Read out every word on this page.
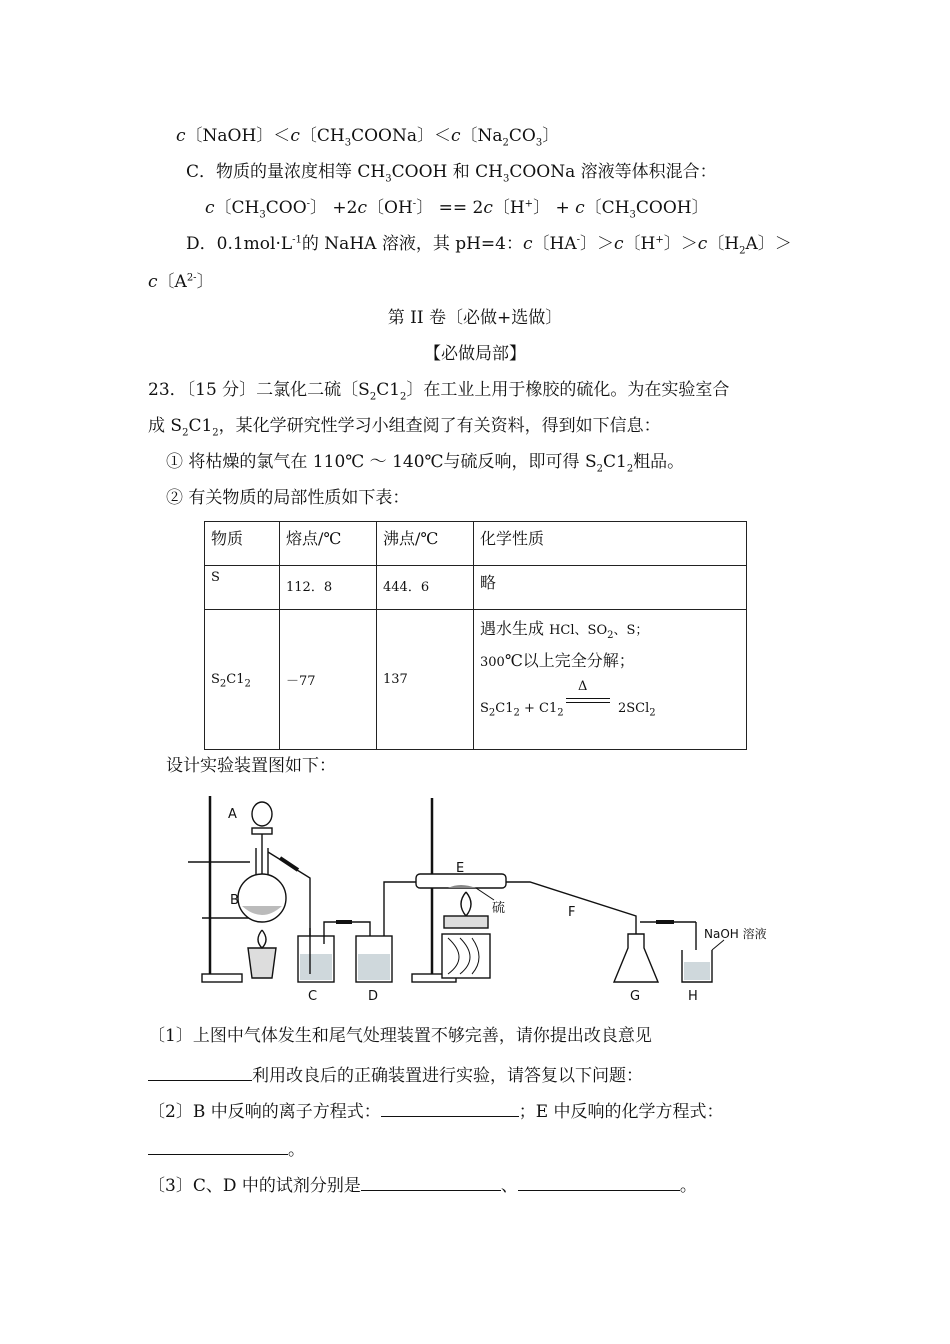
c〔NaOH〕＜c〔$CH_3COONa$〕＜c〔$Na_2CO_3$〕
C．物质的量浓度相等 $CH_3COOH$ 和 $CH_3COONa$ 溶液等体积混合：
c〔$CH_3COO^-$〕 +2c〔OH-〕 == 2c〔H+〕 + c〔$CH_3COOH$〕
D．$0.1mol\cdot L^{-1}$的 NaHA 溶液，其 pH=4：c〔HA-〕＞c〔H+〕＞c〔$H_2A$〕＞
c〔$A^{2-}$〕
第 II 卷〔必做+选做〕
【必做局部】
23．〔15 分〕二氯化二硫〔$S_2C1_2$〕在工业上用于橡胶的硫化。为在实验室合
成 $S_2C1_2$，某化学研究性学习小组查阅了有关资料，得到如下信息：
① 将枯燥的氯气在 110℃ ～ 140℃与硫反响，即可得 $S_2C1_2$粗品。
② 有关物质的局部性质如下表：
物质	熔点/℃	沸点/℃	化学性质
S	112．8	444．6	略
$S_2C1_2$	－77	137	遇水生成 HCl、$SO_2$、S；
300℃以上完全分解；
Δ
$S_2C1_2 + C1_2$ 2SCl$_2$
设计实验装置图如下：
A
B
C	D
E
F
G	H
硫
NaOH 溶液
〔1〕上图中气体发生和尾气处理装置不够完善，请你提出改良意见
利用改良后的正确装置进行实验，请答复以下问题：
〔2〕B 中反响的离子方程式：	；E 中反响的化学方程式：
。
〔3〕C、D 中的试剂分别是	、	。
